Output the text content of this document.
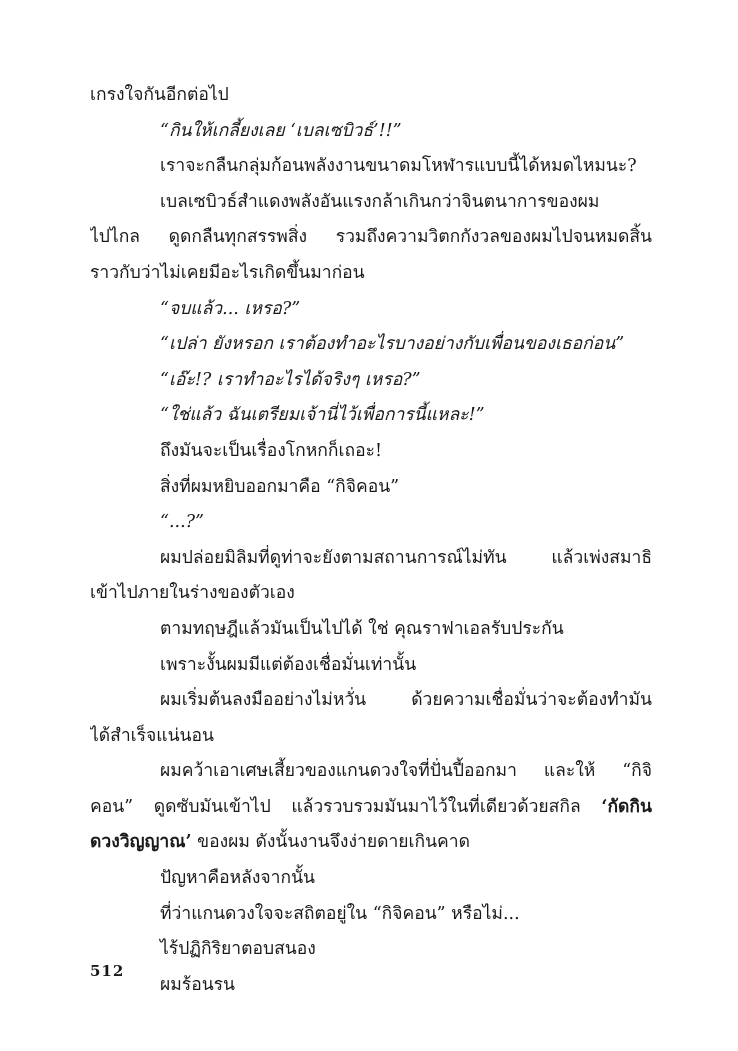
เกรงใจกันอีกต่อไป
“กินให้เกลี้ยงเลย ‘เบลเซบิวธ์’!!”
เราจะกลืนกลุ่มก้อนพลังงานขนาดมโหฬารแบบนี้ได้หมดไหมนะ?
เบลเซบิวธ์สำแดงพลังอันแรงกล้าเกินกว่าจินตนาการของผม
ไปไกล ดูดกลืนทุกสรรพสิ่ง รวมถึงความวิตกกังวลของผมไปจนหมดสิ้น
ราวกับว่าไม่เคยมีอะไรเกิดขึ้นมาก่อน
“จบแล้ว... เหรอ?”
“เปล่า ยังหรอก เราต้องทำอะไรบางอย่างกับเพื่อนของเธอก่อน”
“เอ๊ะ!? เราทำอะไรได้จริงๆ เหรอ?”
“ใช่แล้ว ฉันเตรียมเจ้านี่ไว้เพื่อการนี้แหละ!”
ถึงมันจะเป็นเรื่องโกหกก็เถอะ!
สิ่งที่ผมหยิบออกมาคือ “กิจิคอน”
“...?”
ผมปล่อยมิลิมที่ดูท่าจะยังตามสถานการณ์ไม่ทัน แล้วเพ่งสมาธิ
เข้าไปภายในร่างของตัวเอง
ตามทฤษฎีแล้วมันเป็นไปได้ ใช่ คุณราฟาเอลรับประกัน
เพราะงั้นผมมีแต่ต้องเชื่อมั่นเท่านั้น
ผมเริ่มต้นลงมืออย่างไม่หวั่น ด้วยความเชื่อมั่นว่าจะต้องทำมัน
ได้สำเร็จแน่นอน
ผมคว้าเอาเศษเสี้ยวของแกนดวงใจที่ปั่นปี้ออกมา และให้ “กิจิ
คอน” ดูดซับมันเข้าไป แล้วรวบรวมมันมาไว้ในที่เดียวด้วยสกิล ‘กัดกิน
ดวงวิญญาณ’ ของผม ดังนั้นงานจึงง่ายดายเกินคาด
ปัญหาคือหลังจากนั้น
ที่ว่าแกนดวงใจจะสถิตอยู่ใน “กิจิคอน” หรือไม่...
ไร้ปฏิกิริยาตอบสนอง
ผมร้อนรน
512
